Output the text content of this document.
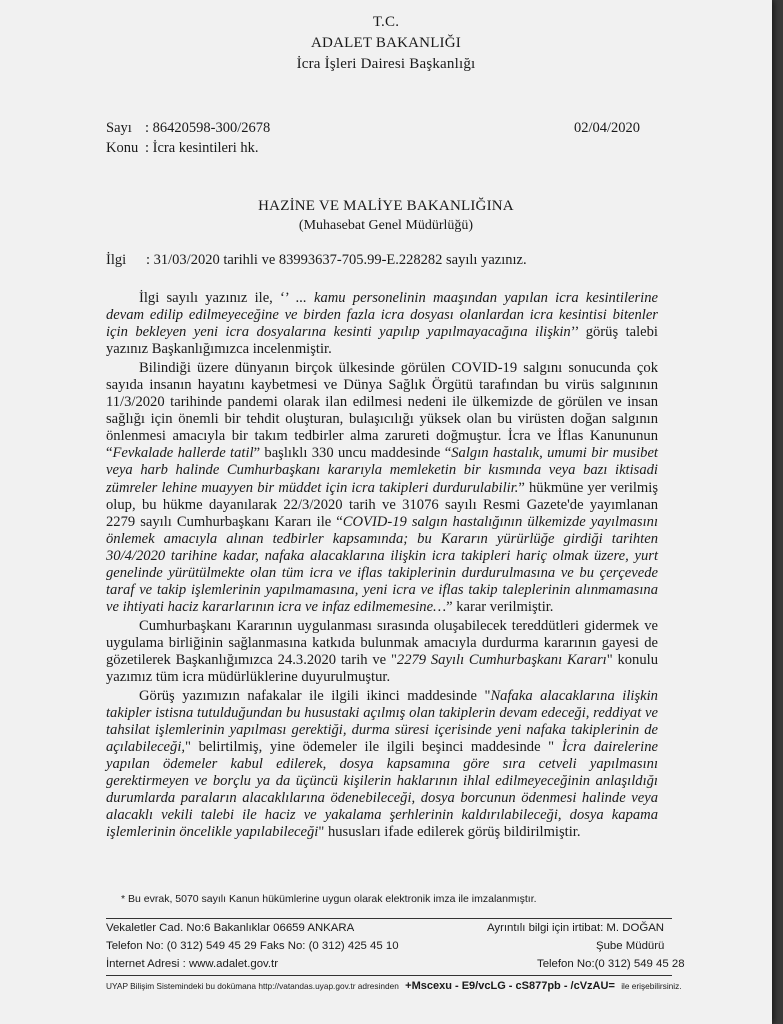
T.C.
ADALET BAKANLIĞI
İcra İşleri Dairesi Başkanlığı
Sayı : 86420598-300/2678	02/04/2020
Konu : İcra kesintileri hk.
HAZİNE VE MALİYE BAKANLIĞINA
(Muhasebat Genel Müdürlüğü)
İlgi : 31/03/2020 tarihli ve 83993637-705.99-E.228282 sayılı yazınız.

İlgi sayılı yazınız ile, ‘’ ... kamu personelinin maaşından yapılan icra kesintilerine devam edilip edilmeyeceğine ve birden fazla icra dosyası olanlardan icra kesintisi bitenler için bekleyen yeni icra dosyalarına kesinti yapılıp yapılmayacağına ilişkin’’ görüş talebi yazınız Başkanlığımızca incelenmiştir.

Bilindiği üzere dünyanın birçok ülkesinde görülen COVID-19 salgını sonucunda çok sayıda insanın hayatını kaybetmesi ve Dünya Sağlık Örgütü tarafından bu virüs salgınının 11/3/2020 tarihinde pandemi olarak ilan edilmesi nedeni ile ülkemizde de görülen ve insan sağlığı için önemli bir tehdit oluşturan, bulaşıcılığı yüksek olan bu virüsten doğan salgının önlenmesi amacıyla bir takım tedbirler alma zarureti doğmuştur. İcra ve İflas Kanununun “Fevkalade hallerde tatil” başlıklı 330 uncu maddesinde “Salgın hastalık, umumi bir musibet veya harb halinde Cumhurbaşkanı kararıyla memleketin bir kısmında veya bazı iktisadi zümreler lehine muayyen bir müddet için icra takipleri durdurulabilir.” hükmüne yer verilmiş olup, bu hükme dayanılarak 22/3/2020 tarih ve 31076 sayılı Resmi Gazete'de yayımlanan 2279 sayılı Cumhurbaşkanı Kararı ile “COVID-19 salgın hastalığının ülkemizde yayılmasını önlemek amacıyla alınan tedbirler kapsamında; bu Kararın yürürlüğe girdiği tarihten 30/4/2020 tarihine kadar, nafaka alacaklarına ilişkin icra takipleri hariç olmak üzere, yurt genelinde yürütülmekte olan tüm icra ve iflas takiplerinin durdurulmasına ve bu çerçevede taraf ve takip işlemlerinin yapılmamasına, yeni icra ve iflas takip taleplerinin alınmamasına ve ihtiyati haciz kararlarının icra ve infaz edilmemesine…” karar verilmiştir.

Cumhurbaşkanı Kararının uygulanması sırasında oluşabilecek tereddütleri gidermek ve uygulama birliğinin sağlanmasına katkıda bulunmak amacıyla durdurma kararının gayesi de gözetilerek Başkanlığımızca 24.3.2020 tarih ve "2279 Sayılı Cumhurbaşkanı Kararı" konulu yazımız tüm icra müdürlüklerine duyurulmuştur.

Görüş yazımızın nafakalar ile ilgili ikinci maddesinde "Nafaka alacaklarına ilişkin takipler istisna tutulduğundan bu husustaki açılmış olan takiplerin devam edeceği, reddiyat ve tahsilat işlemlerinin yapılması gerektiği, durma süresi içerisinde yeni nafaka takiplerinin de açılabileceği," belirtilmiş, yine ödemeler ile ilgili beşinci maddesinde " İcra dairelerine yapılan ödemeler kabul edilerek, dosya kapsamına göre sıra cetveli yapılmasını gerektirmeyen ve borçlu ya da üçüncü kişilerin haklarının ihlal edilmeyeceğinin anlaşıldığı durumlarda paraların alacaklılarına ödenebileceği, dosya borcunun ödenmesi halinde veya alacaklı vekili talebi ile haciz ve yakalama şerhlerinin kaldırılabileceği, dosya kapama işlemlerinin öncelikle yapılabileceği" hususları ifade edilerek görüş bildirilmiştir.

* Bu evrak, 5070 sayılı Kanun hükümlerine uygun olarak elektronik imza ile imzalanmıştır.
Vekaletler Cad. No:6 Bakanlıklar 06659 ANKARA
Telefon No: (0 312) 549 45 29 Faks No: (0 312) 425 45 10
İnternet Adresi : www.adalet.gov.tr
Ayrıntılı bilgi için irtibat: M. DOĞAN
Şube Müdürü
Telefon No:(0 312) 549 45 28
UYAP Bilişim Sistemindeki bu dokümana http://vatandas.uyap.gov.tr adresinden +Mscexu - E9/vcLG - cS877pb - /cVzAU= ile erişebilirsiniz.
